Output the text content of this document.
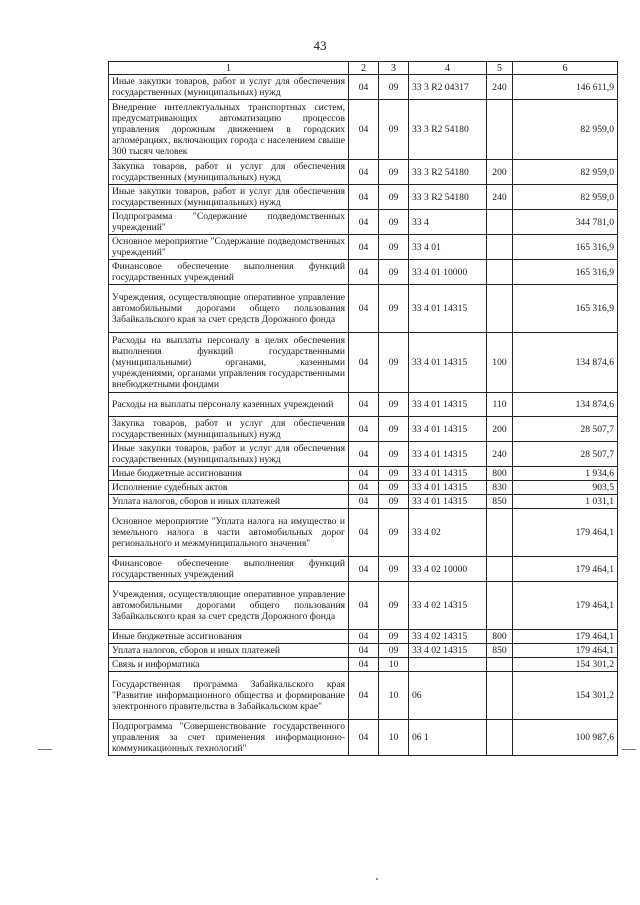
43
1	2	3	4	5	6
Иные закупки товаров, работ и услуг для обеспечения государственных (муниципальных) нужд	04	09	33 3 R2 04317	240	146 611,9
Внедрение интеллектуальных транспортных систем, предусматривающих автоматизацию процессов управления дорожным движением в городских агломерациях, включающих города с населением свыше 300 тысяч человек	04	09	33 3 R2 54180		82 959,0
Закупка товаров, работ и услуг для обеспечения государственных (муниципальных) нужд	04	09	33 3 R2 54180	200	82 959,0
Иные закупки товаров, работ и услуг для обеспечения государственных (муниципальных) нужд	04	09	33 3 R2 54180	240	82 959,0
Подпрограмма "Содержание подведомственных учреждений"	04	09	33 4		344 781,0
Основное мероприятие "Содержание подведомственных учреждений"	04	09	33 4 01		165 316,9
Финансовое обеспечение выполнения функций государственных учреждений	04	09	33 4 01 10000		165 316,9
Учреждения, осуществляющие оперативное управление автомобильными дорогами общего пользования Забайкальского края за счет средств Дорожного фонда	04	09	33 4 01 14315		165 316,9
Расходы на выплаты персоналу в целях обеспечения выполнения функций государственными (муниципальными) органами, казенными учреждениями, органами управления государственными внебюджетными фондами	04	09	33 4 01 14315	100	134 874,6
Расходы на выплаты персоналу казенных учреждений	04	09	33 4 01 14315	110	134 874,6
Закупка товаров, работ и услуг для обеспечения государственных (муниципальных) нужд	04	09	33 4 01 14315	200	28 507,7
Иные закупки товаров, работ и услуг для обеспечения государственных (муниципальных) нужд	04	09	33 4 01 14315	240	28 507,7
Иные бюджетные ассигнования	04	09	33 4 01 14315	800	1 934,6
Исполнение судебных актов	04	09	33 4 01 14315	830	903,5
Уплата налогов, сборов и иных платежей	04	09	33 4 01 14315	850	1 031,1
Основное мероприятие "Уплата налога на имущество и земельного налога в части автомобильных дорог регионального и межмуниципального значения"	04	09	33 4 02		179 464,1
Финансовое обеспечение выполнения функций государственных учреждений	04	09	33 4 02 10000		179 464,1
Учреждения, осуществляющие оперативное управление автомобильными дорогами общего пользования Забайкальского края за счет средств Дорожного фонда	04	09	33 4 02 14315		179 464,1
Иные бюджетные ассигнования	04	09	33 4 02 14315	800	179 464,1
Уплата налогов, сборов и иных платежей	04	09	33 4 02 14315	850	179 464,1
Связь и информатика	04	10			154 301,2
Государственная программа Забайкальского края "Развитие информационного общества и формирование электронного правительства в Забайкальском крае"	04	10	06		154 301,2
Подпрограмма "Совершенствование государственного управления за счет применения информационно-коммуникационных технологий"	04	10	06 1		100 987,6
